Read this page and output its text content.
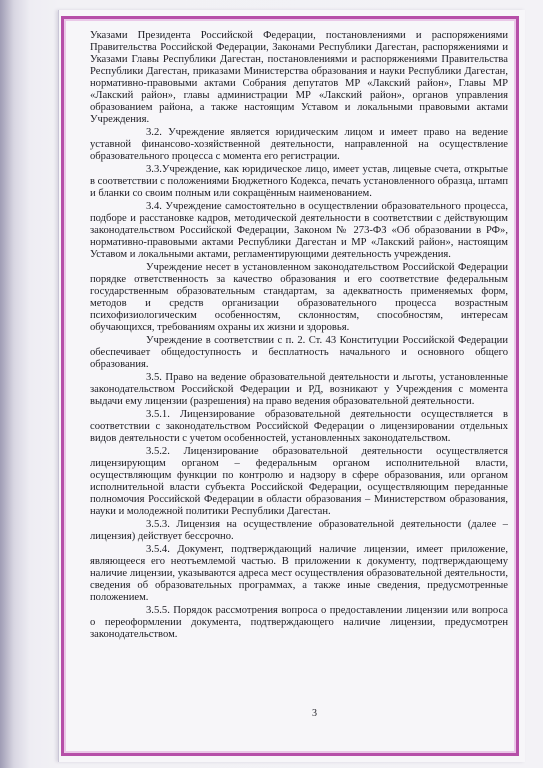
Указами Президента Российской Федерации, постановлениями и распоряжениями Правительства Российской Федерации, Законами Республики Дагестан, распоряжениями и Указами Главы Республики Дагестан, постановлениями и распоряжениями Правительства Республики Дагестан, приказами Министерства образования и науки Республики Дагестан, нормативно-правовыми актами Собрания депутатов МР «Лакский район», Главы МР «Лакский район», главы администрации МР «Лакский район», органов управления образованием района, а также настоящим Уставом и локальными правовыми актами Учреждения.

3.2. Учреждение является юридическим лицом и имеет право на ведение уставной финансово-хозяйственной деятельности, направленной на осуществление образовательного процесса с момента его регистрации.

3.3.Учреждение, как юридическое лицо, имеет устав, лицевые счета, открытые в соответствии с положениями Бюджетного Кодекса, печать установленного образца, штамп и бланки со своим полным или сокращённым наименованием.

3.4. Учреждение самостоятельно в осуществлении образовательного процесса, подборе и расстановке кадров, методической деятельности в соответствии с действующим законодательством Российской Федерации, Законом № 273-ФЗ «Об образовании в РФ», нормативно-правовыми актами Республики Дагестан и МР «Лакский район», настоящим Уставом и локальными актами, регламентирующими деятельность учреждения.

Учреждение несет в установленном законодательством Российской Федерации порядке ответственность за качество образования и его соответствие федеральным государственным образовательным стандартам, за адекватность применяемых форм, методов и средств организации образовательного процесса возрастным психофизиологическим особенностям, склонностям, способностям, интересам обучающихся, требованиям охраны их жизни и здоровья.

Учреждение в соответствии с п. 2. Ст. 43 Конституции Российской Федерации обеспечивает общедоступность и бесплатность начального и основного общего образования.

3.5. Право на ведение образовательной деятельности и льготы, установленные законодательством Российской Федерации и РД, возникают у Учреждения с момента выдачи ему лицензии (разрешения) на право ведения образовательной деятельности.

3.5.1. Лицензирование образовательной деятельности осуществляется в соответствии с законодательством Российской Федерации о лицензировании отдельных видов деятельности с учетом особенностей, установленных законодательством.

3.5.2. Лицензирование образовательной деятельности осуществляется лицензирующим органом – федеральным органом исполнительной власти, осуществляющим функции по контролю и надзору в сфере образования, или органом исполнительной власти субъекта Российской Федерации, осуществляющим переданные полномочия Российской Федерации в области образования – Министерством образования, науки и молодежной политики Республики Дагестан.

3.5.3. Лицензия на осуществление образовательной деятельности (далее – лицензия) действует бессрочно.

3.5.4. Документ, подтверждающий наличие лицензии, имеет приложение, являющееся его неотъемлемой частью. В приложении к документу, подтверждающему наличие лицензии, указываются адреса мест осуществления образовательной деятельности, сведения об образовательных программах, а также иные сведения, предусмотренные положением.

3.5.5. Порядок рассмотрения вопроса о предоставлении лицензии или вопроса о переоформлении документа, подтверждающего наличие лицензии, предусмотрен законодательством.

3
